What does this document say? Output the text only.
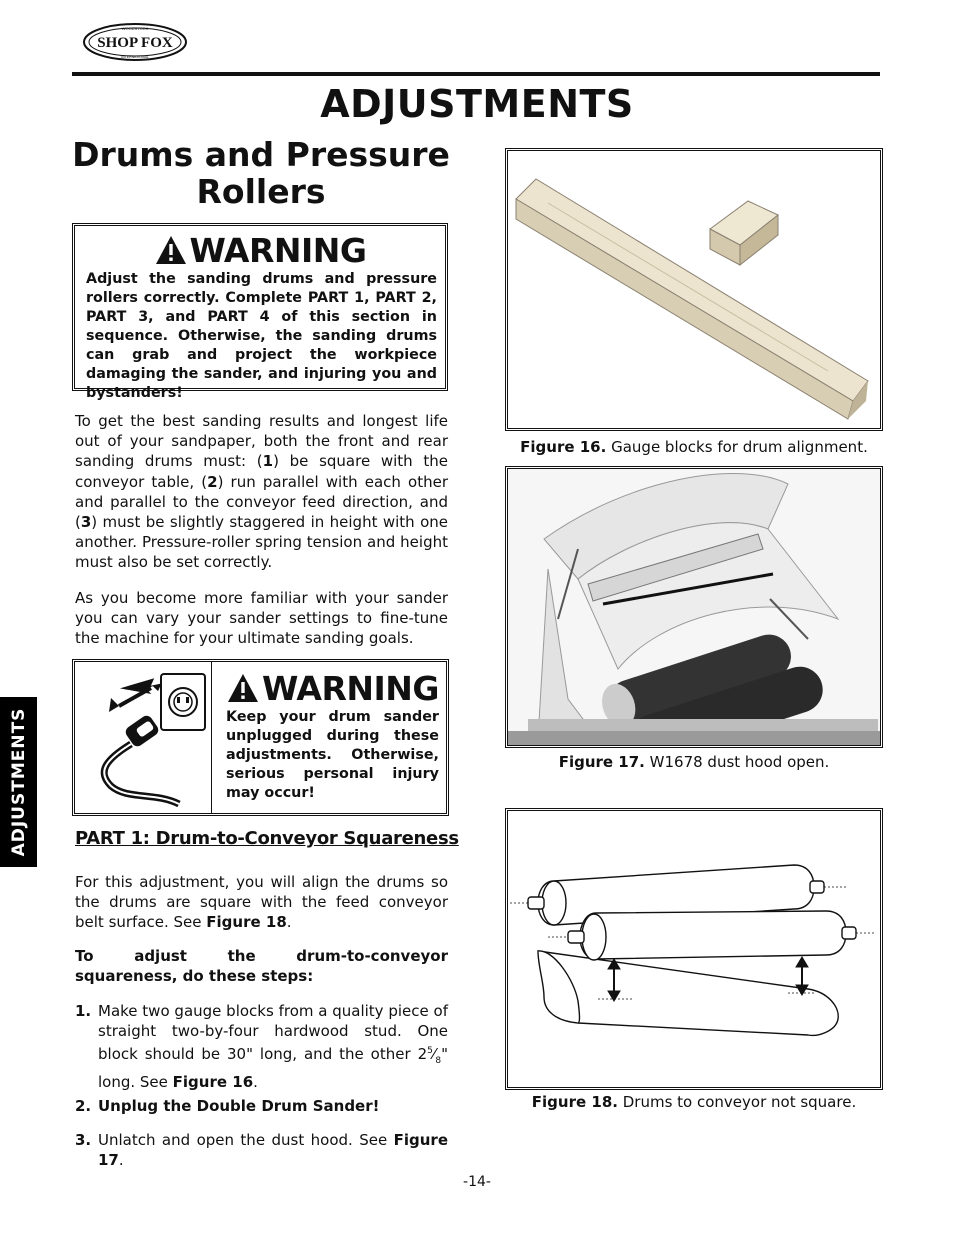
SHOP FOX
WOODSTOCK
INTERNATIONAL
ADJUSTMENTS
Drums and Pressure Rollers
WARNING
Adjust the sanding drums and pressure rollers correctly. Complete PART 1, PART 2, PART 3, and PART 4 of this section in sequence. Otherwise, the sanding drums can grab and project the workpiece damaging the sander, and injuring you and bystanders!
To get the best sanding results and longest life out of your sandpaper, both the front and rear sanding drums must: (1) be square with the conveyor table, (2) run parallel with each other and parallel to the conveyor feed direction, and (3) must be slightly staggered in height with one another. Pressure-roller spring tension and height must also be set correctly.
As you become more familiar with your sander you can vary your sander settings to fine-tune the machine for your ultimate sanding goals.
WARNING
Keep your drum sander unplugged during these adjustments. Otherwise, serious personal injury may occur!
PART 1: Drum-to-Conveyor Squareness
For this adjustment, you will align the drums so the drums are square with the feed conveyor belt surface. See Figure 18.
To adjust the drum-to-conveyor squareness, do these steps:
1. Make two gauge blocks from a quality piece of straight two-by-four hardwood stud. One block should be 30" long, and the other $2^5⁄_8$" long. See Figure 16.
2. Unplug the Double Drum Sander!
3. Unlatch and open the dust hood. See Figure 17.
Figure 16. Gauge blocks for drum alignment.
Figure 17. W1678 dust hood open.
Figure 18. Drums to conveyor not square.
ADJUSTMENTS
-14-
